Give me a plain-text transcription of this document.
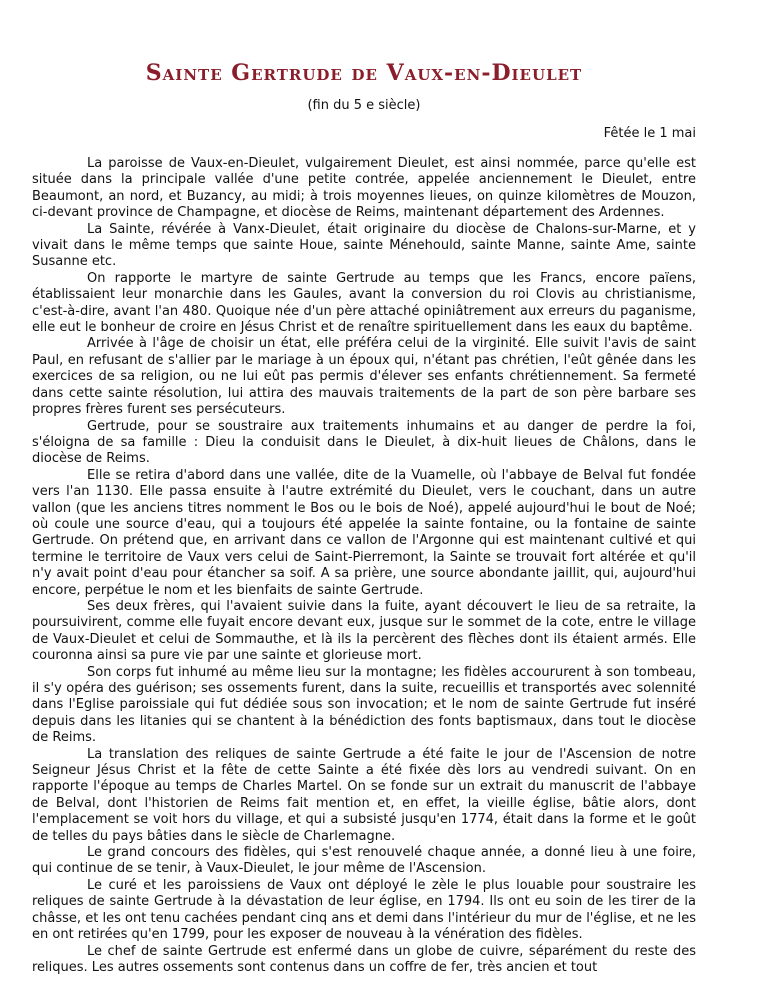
Sainte Gertrude de Vaux-en-Dieulet
(fin du 5 e siècle)
Fêtée le 1 mai

La paroisse de Vaux-en-Dieulet, vulgairement Dieulet, est ainsi nommée, parce qu'elle est située dans la principale vallée d'une petite contrée, appelée anciennement le Dieulet, entre Beaumont, an nord, et Buzancy, au midi; à trois moyennes lieues, on quinze kilomètres de Mouzon, ci-devant province de Champagne, et diocèse de Reims, maintenant département des Ardennes.

La Sainte, révérée à Vanx-Dieulet, était originaire du diocèse de Chalons-sur-Marne, et y vivait dans le même temps que sainte Houe, sainte Ménehould, sainte Manne, sainte Ame, sainte Susanne etc.

On rapporte le martyre de sainte Gertrude au temps que les Francs, encore païens, établissaient leur monarchie dans les Gaules, avant la conversion du roi Clovis au christianisme, c'est-à-dire, avant l'an 480. Quoique née d'un père attaché opiniâtrement aux erreurs du paganisme, elle eut le bonheur de croire en Jésus Christ et de renaître spirituellement dans les eaux du baptême.

Arrivée à l'âge de choisir un état, elle préféra celui de la virginité. Elle suivit l'avis de saint Paul, en refusant de s'allier par le mariage à un époux qui, n'étant pas chrétien, l'eût gênée dans les exercices de sa religion, ou ne lui eût pas permis d'élever ses enfants chrétiennement. Sa fermeté dans cette sainte résolution, lui attira des mauvais traitements de la part de son père barbare ses propres frères furent ses persécuteurs.

Gertrude, pour se soustraire aux traitements inhumains et au danger de perdre la foi, s'éloigna de sa famille : Dieu la conduisit dans le Dieulet, à dix-huit lieues de Châlons, dans le diocèse de Reims.

Elle se retira d'abord dans une vallée, dite de la Vuamelle, où l'abbaye de Belval fut fondée vers l'an 1130. Elle passa ensuite à l'autre extrémité du Dieulet, vers le couchant, dans un autre vallon (que les anciens titres nomment le Bos ou le bois de Noé), appelé aujourd'hui le bout de Noé; où coule une source d'eau, qui a toujours été appelée la sainte fontaine, ou la fontaine de sainte Gertrude. On prétend que, en arrivant dans ce vallon de l'Argonne qui est maintenant cultivé et qui termine le territoire de Vaux vers celui de Saint-Pierremont, la Sainte se trouvait fort altérée et qu'il n'y avait point d'eau pour étancher sa soif. A sa prière, une source abondante jaillit, qui, aujourd'hui encore, perpétue le nom et les bienfaits de sainte Gertrude.

Ses deux frères, qui l'avaient suivie dans la fuite, ayant découvert le lieu de sa retraite, la poursuivirent, comme elle fuyait encore devant eux, jusque sur le sommet de la cote, entre le village de Vaux-Dieulet et celui de Sommauthe, et là ils la percèrent des flèches dont ils étaient armés. Elle couronna ainsi sa pure vie par une sainte et glorieuse mort.

Son corps fut inhumé au même lieu sur la montagne; les fidèles accoururent à son tombeau, il s'y opéra des guérison; ses ossements furent, dans la suite, recueillis et transportés avec solennité dans l'Eglise paroissiale qui fut dédiée sous son invocation; et le nom de sainte Gertrude fut inséré depuis dans les litanies qui se chantent à la bénédiction des fonts baptismaux, dans tout le diocèse de Reims.

La translation des reliques de sainte Gertrude a été faite le jour de l'Ascension de notre Seigneur Jésus Christ et la fête de cette Sainte a été fixée dès lors au vendredi suivant. On en rapporte l'époque au temps de Charles Martel. On se fonde sur un extrait du manuscrit de l'abbaye de Belval, dont l'historien de Reims fait mention et, en effet, la vieille église, bâtie alors, dont l'emplacement se voit hors du village, et qui a subsisté jusqu'en 1774, était dans la forme et le goût de telles du pays bâties dans le siècle de Charlemagne.

Le grand concours des fidèles, qui s'est renouvelé chaque année, a donné lieu à une foire, qui continue de se tenir, à Vaux-Dieulet, le jour même de l'Ascension.

Le curé et les paroissiens de Vaux ont déployé le zèle le plus louable pour soustraire les reliques de sainte Gertrude à la dévastation de leur église, en 1794. Ils ont eu soin de les tirer de la châsse, et les ont tenu cachées pendant cinq ans et demi dans l'intérieur du mur de l'église, et ne les en ont retirées qu'en 1799, pour les exposer de nouveau à la vénération des fidèles.

Le chef de sainte Gertrude est enfermé dans un globe de cuivre, séparément du reste des reliques. Les autres ossements sont contenus dans un coffre de fer, très ancien et tout
